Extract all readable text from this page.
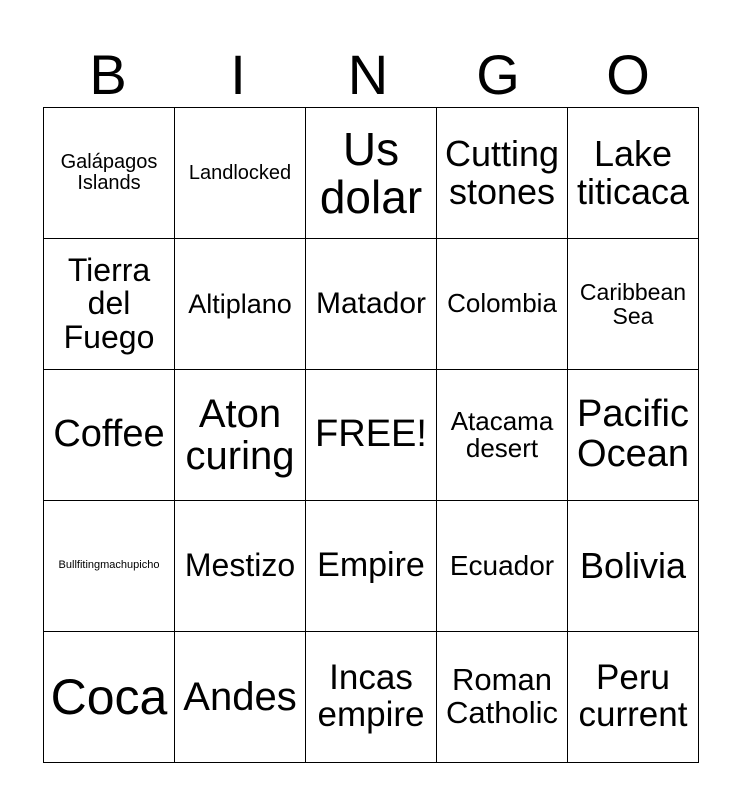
B	I	N	G	O
Galápagos Islands	Landlocked	Us dolar	Cutting stones	Lake titicaca
Tierra del Fuego	Altiplano	Matador	Colombia	Caribbean Sea
Coffee	Aton curing	FREE!	Atacama desert	Pacific Ocean
Bullfitingmachupicho	Mestizo	Empire	Ecuador	Bolivia
Coca	Andes	Incas empire	Roman Catholic	Peru current
